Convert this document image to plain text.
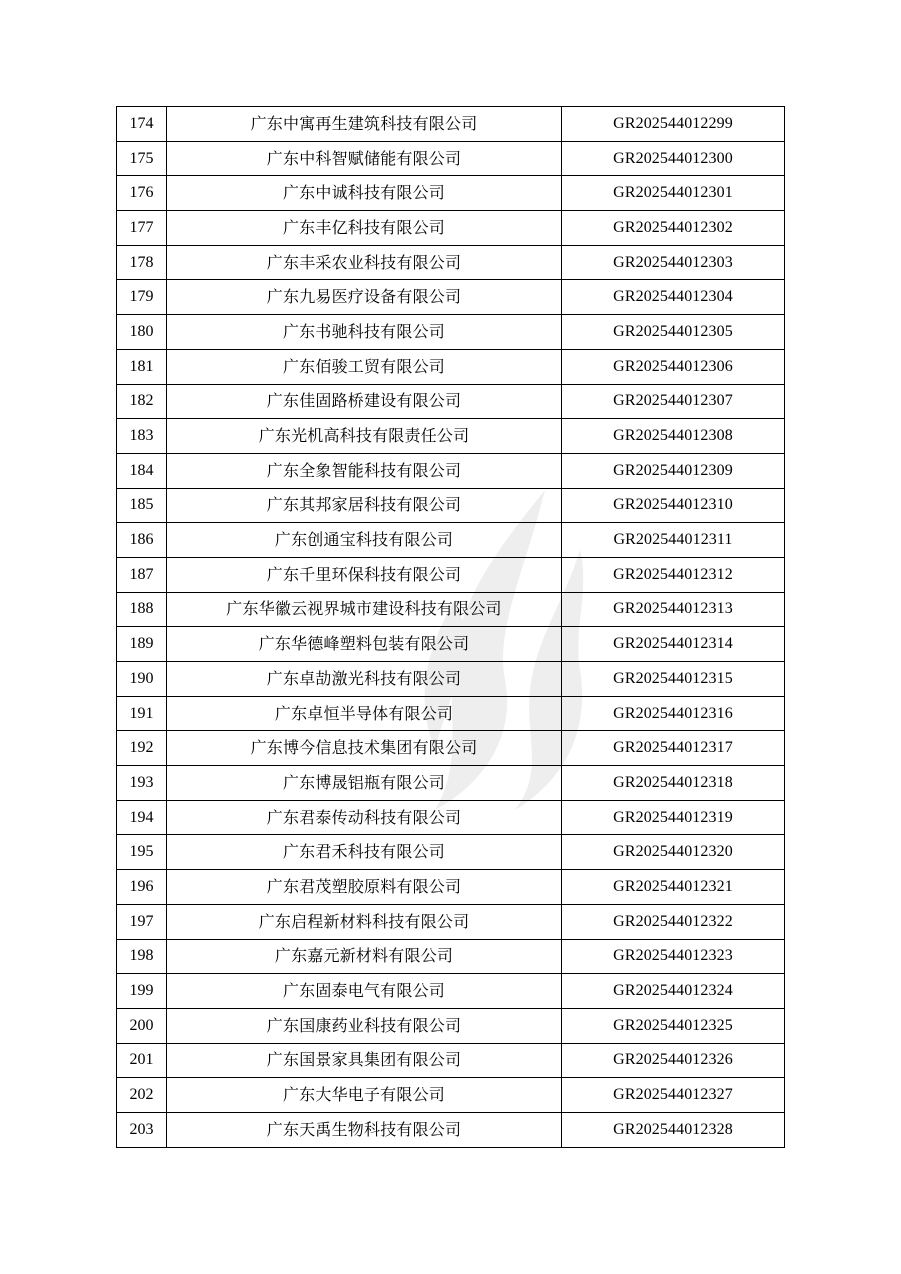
174	广东中寓再生建筑科技有限公司	GR202544012299
175	广东中科智赋储能有限公司	GR202544012300
176	广东中诚科技有限公司	GR202544012301
177	广东丰亿科技有限公司	GR202544012302
178	广东丰采农业科技有限公司	GR202544012303
179	广东九易医疗设备有限公司	GR202544012304
180	广东书驰科技有限公司	GR202544012305
181	广东佰骏工贸有限公司	GR202544012306
182	广东佳固路桥建设有限公司	GR202544012307
183	广东光机高科技有限责任公司	GR202544012308
184	广东全象智能科技有限公司	GR202544012309
185	广东其邦家居科技有限公司	GR202544012310
186	广东创通宝科技有限公司	GR202544012311
187	广东千里环保科技有限公司	GR202544012312
188	广东华徽云视界城市建设科技有限公司	GR202544012313
189	广东华德峰塑料包装有限公司	GR202544012314
190	广东卓劼激光科技有限公司	GR202544012315
191	广东卓恒半导体有限公司	GR202544012316
192	广东博今信息技术集团有限公司	GR202544012317
193	广东博晟铝瓶有限公司	GR202544012318
194	广东君泰传动科技有限公司	GR202544012319
195	广东君禾科技有限公司	GR202544012320
196	广东君茂塑胶原料有限公司	GR202544012321
197	广东启程新材料科技有限公司	GR202544012322
198	广东嘉元新材料有限公司	GR202544012323
199	广东固泰电气有限公司	GR202544012324
200	广东国康药业科技有限公司	GR202544012325
201	广东国景家具集团有限公司	GR202544012326
202	广东大华电子有限公司	GR202544012327
203	广东天禹生物科技有限公司	GR202544012328
